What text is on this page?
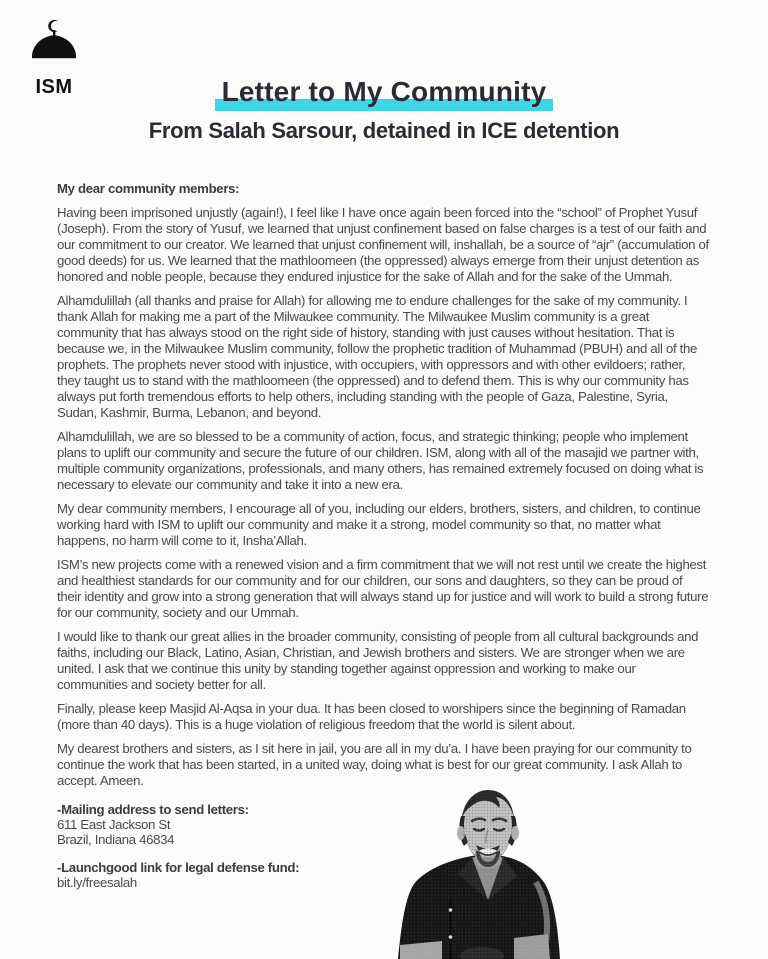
ISM	Letter to My Community
From Salah Sarsour, detained in ICE detention

My dear community members:

Having been imprisoned unjustly (again!), I feel like I have once again been forced into the “school” of Prophet Yusuf (Joseph). From the story of Yusuf, we learned that unjust confinement based on false charges is a test of our faith and our commitment to our creator. We learned that unjust confinement will, inshallah, be a source of “ajr” (accumulation of good deeds) for us. We learned that the mathloomeen (the oppressed) always emerge from their unjust detention as honored and noble people, because they endured injustice for the sake of Allah and for the sake of the Ummah.

Alhamdulillah (all thanks and praise for Allah) for allowing me to endure challenges for the sake of my community. I thank Allah for making me a part of the Milwaukee community. The Milwaukee Muslim community is a great community that has always stood on the right side of history, standing with just causes without hesitation. That is because we, in the Milwaukee Muslim community, follow the prophetic tradition of Muhammad (PBUH) and all of the prophets. The prophets never stood with injustice, with occupiers, with oppressors and with other evildoers; rather, they taught us to stand with the mathloomeen (the oppressed) and to defend them. This is why our community has always put forth tremendous efforts to help others, including standing with the people of Gaza, Palestine, Syria, Sudan, Kashmir, Burma, Lebanon, and beyond.

Alhamdulillah, we are so blessed to be a community of action, focus, and strategic thinking; people who implement plans to uplift our community and secure the future of our children. ISM, along with all of the masajid we partner with, multiple community organizations, professionals, and many others, has remained extremely focused on doing what is necessary to elevate our community and take it into a new era.

My dear community members, I encourage all of you, including our elders, brothers, sisters, and children, to continue working hard with ISM to uplift our community and make it a strong, model community so that, no matter what happens, no harm will come to it, Insha’Allah.

ISM’s new projects come with a renewed vision and a firm commitment that we will not rest until we create the highest and healthiest standards for our community and for our children, our sons and daughters, so they can be proud of their identity and grow into a strong generation that will always stand up for justice and will work to build a strong future for our community, society and our Ummah.

I would like to thank our great allies in the broader community, consisting of people from all cultural backgrounds and faiths, including our Black, Latino, Asian, Christian, and Jewish brothers and sisters. We are stronger when we are united. I ask that we continue this unity by standing together against oppression and working to make our communities and society better for all.

Finally, please keep Masjid Al-Aqsa in your dua. It has been closed to worshipers since the beginning of Ramadan (more than 40 days). This is a huge violation of religious freedom that the world is silent about.

My dearest brothers and sisters, as I sit here in jail, you are all in my du’a. I have been praying for our community to continue the work that has been started, in a united way, doing what is best for our great community. I ask Allah to accept. Ameen.

-Mailing address to send letters:
611 East Jackson St
Brazil, Indiana 46834
-Launchgood link for legal defense fund:
bit.ly/freesalah
